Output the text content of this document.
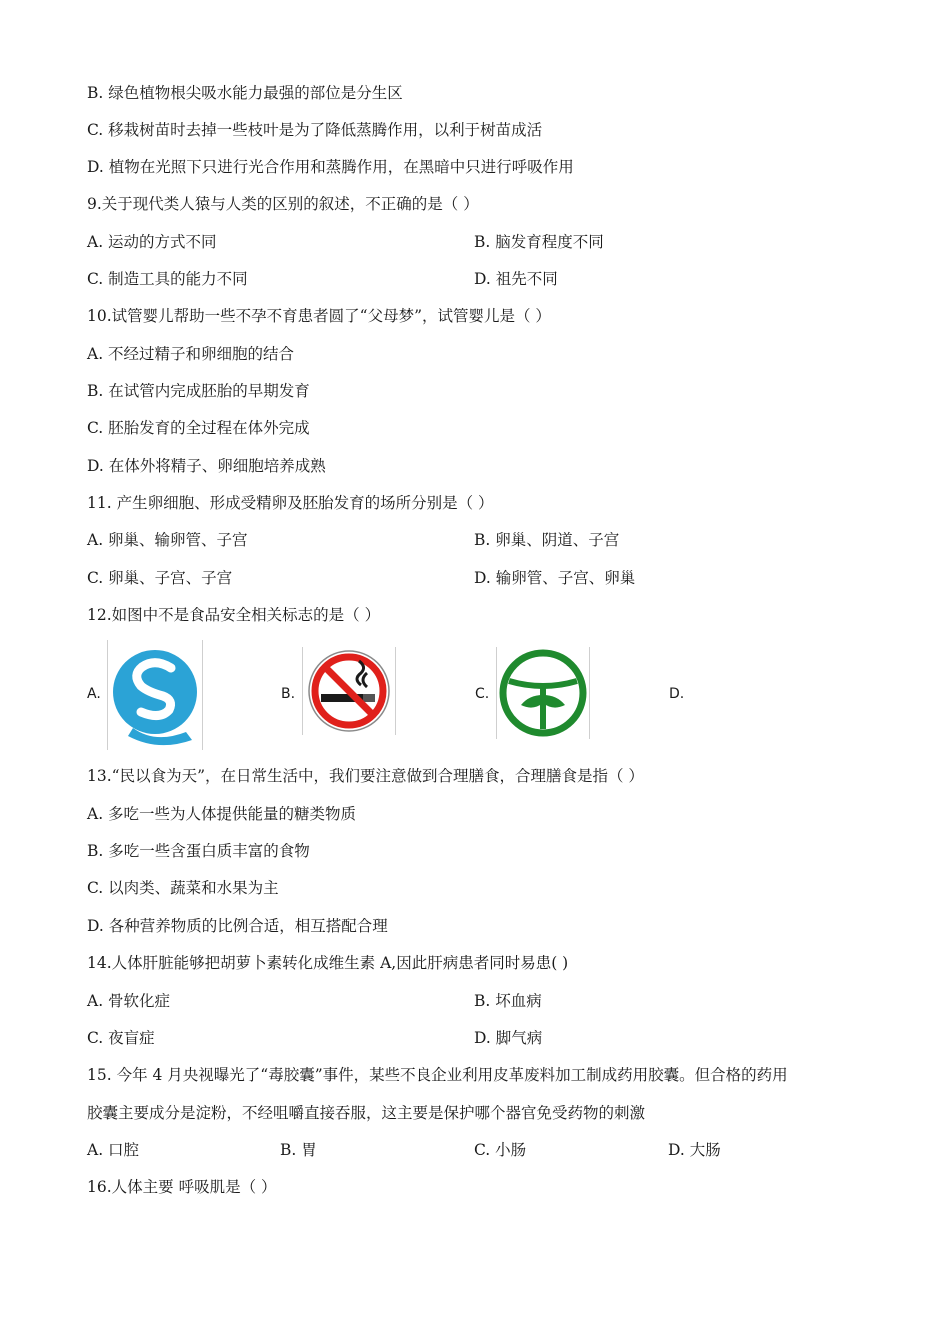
B. 绿色植物根尖吸水能力最强的部位是分生区
C. 移栽树苗时去掉一些枝叶是为了降低蒸腾作用，以利于树苗成活
D. 植物在光照下只进行光合作用和蒸腾作用，在黑暗中只进行呼吸作用
9.关于现代类人猿与人类的区别的叙述，不正确的是（ ）
A. 运动的方式不同	B. 脑发育程度不同
C. 制造工具的能力不同	D. 祖先不同
10.试管婴儿帮助一些不孕不育患者圆了“父母梦”，试管婴儿是（ ）
A. 不经过精子和卵细胞的结合
B. 在试管内完成胚胎的早期发育
C. 胚胎发育的全过程在体外完成
D. 在体外将精子、卵细胞培养成熟
11. 产生卵细胞、形成受精卵及胚胎发育的场所分别是（ ）
A. 卵巢、输卵管、子宫	B. 卵巢、阴道、子宫
C. 卵巢、子宫、子宫	D. 输卵管、子宫、卵巢
12.如图中不是食品安全相关标志的是（ ）
A.	B.	C.	D.
13.“民以食为天”，在日常生活中，我们要注意做到合理膳食，合理膳食是指（ ）
A. 多吃一些为人体提供能量的糖类物质
B. 多吃一些含蛋白质丰富的食物
C. 以肉类、蔬菜和水果为主
D. 各种营养物质的比例合适，相互搭配合理
14.人体肝脏能够把胡萝卜素转化成维生素 A,因此肝病患者同时易患( )
A. 骨软化症	B. 坏血病
C. 夜盲症	D. 脚气病
15. 今年 4 月央视曝光了“毒胶囊”事件，某些不良企业利用皮革废料加工制成药用胶囊。但合格的药用
胶囊主要成分是淀粉，不经咀嚼直接吞服，这主要是保护哪个器官免受药物的刺激
A. 口腔	B. 胃	C. 小肠	D. 大肠
16.人体主要 呼吸肌是（ ）
